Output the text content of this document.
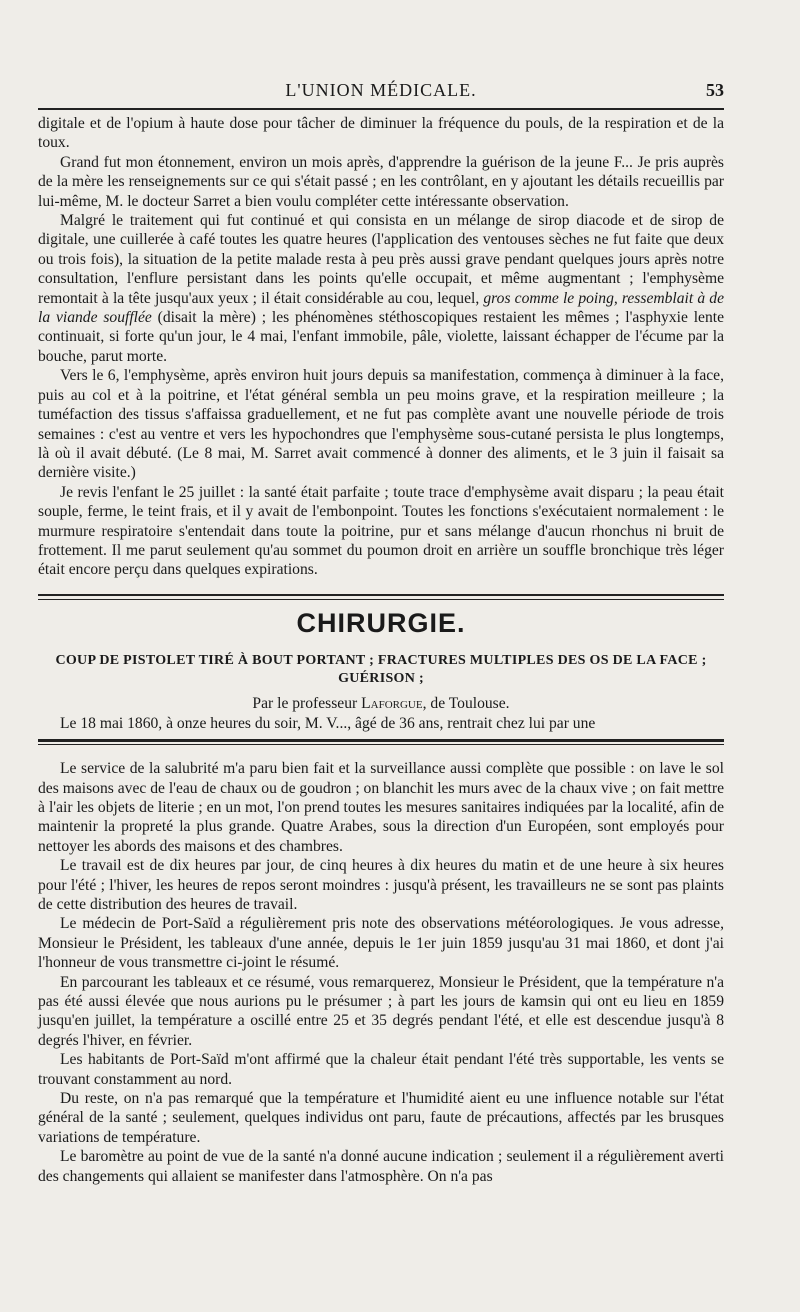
L'UNION MÉDICALE.	53

digitale et de l'opium à haute dose pour tâcher de diminuer la fréquence du pouls, de la respiration et de la toux.

Grand fut mon étonnement, environ un mois après, d'apprendre la guérison de la jeune F... Je pris auprès de la mère les renseignements sur ce qui s'était passé ; en les contrôlant, en y ajoutant les détails recueillis par lui-même, M. le docteur Sarret a bien voulu compléter cette intéressante observation.

Malgré le traitement qui fut continué et qui consista en un mélange de sirop diacode et de sirop de digitale, une cuillerée à café toutes les quatre heures (l'application des ventouses sèches ne fut faite que deux ou trois fois), la situation de la petite malade resta à peu près aussi grave pendant quelques jours après notre consultation, l'enflure persistant dans les points qu'elle occupait, et même augmentant ; l'emphysème remontait à la tête jusqu'aux yeux ; il était considérable au cou, lequel, gros comme le poing, ressemblait à de la viande soufflée (disait la mère) ; les phénomènes stéthoscopiques restaient les mêmes ; l'asphyxie lente continuait, si forte qu'un jour, le 4 mai, l'enfant immobile, pâle, violette, laissant échapper de l'écume par la bouche, parut morte.

Vers le 6, l'emphysème, après environ huit jours depuis sa manifestation, commença à diminuer à la face, puis au col et à la poitrine, et l'état général sembla un peu moins grave, et la respiration meilleure ; la tuméfaction des tissus s'affaissa graduellement, et ne fut pas complète avant une nouvelle période de trois semaines : c'est au ventre et vers les hypochondres que l'emphysème sous-cutané persista le plus longtemps, là où il avait débuté. (Le 8 mai, M. Sarret avait commencé à donner des aliments, et le 3 juin il faisait sa dernière visite.)

Je revis l'enfant le 25 juillet : la santé était parfaite ; toute trace d'emphysème avait disparu ; la peau était souple, ferme, le teint frais, et il y avait de l'embonpoint. Toutes les fonctions s'exécutaient normalement : le murmure respiratoire s'entendait dans toute la poitrine, pur et sans mélange d'aucun rhonchus ni bruit de frottement. Il me parut seulement qu'au sommet du poumon droit en arrière un souffle bronchique très léger était encore perçu dans quelques expirations.

CHIRURGIE.
COUP DE PISTOLET TIRÉ À BOUT PORTANT ; FRACTURES MULTIPLES DES OS DE LA FACE ;
GUÉRISON ;
Par le professeur Laforgue, de Toulouse.

Le 18 mai 1860, à onze heures du soir, M. V..., âgé de 36 ans, rentrait chez lui par une

Le service de la salubrité m'a paru bien fait et la surveillance aussi complète que possible : on lave le sol des maisons avec de l'eau de chaux ou de goudron ; on blanchit les murs avec de la chaux vive ; on fait mettre à l'air les objets de literie ; en un mot, l'on prend toutes les mesures sanitaires indiquées par la localité, afin de maintenir la propreté la plus grande. Quatre Arabes, sous la direction d'un Européen, sont employés pour nettoyer les abords des maisons et des chambres.

Le travail est de dix heures par jour, de cinq heures à dix heures du matin et de une heure à six heures pour l'été ; l'hiver, les heures de repos seront moindres : jusqu'à présent, les travailleurs ne se sont pas plaints de cette distribution des heures de travail.

Le médecin de Port-Saïd a régulièrement pris note des observations météorologiques. Je vous adresse, Monsieur le Président, les tableaux d'une année, depuis le 1er juin 1859 jusqu'au 31 mai 1860, et dont j'ai l'honneur de vous transmettre ci-joint le résumé.

En parcourant les tableaux et ce résumé, vous remarquerez, Monsieur le Président, que la température n'a pas été aussi élevée que nous aurions pu le présumer ; à part les jours de kamsin qui ont eu lieu en 1859 jusqu'en juillet, la température a oscillé entre 25 et 35 degrés pendant l'été, et elle est descendue jusqu'à 8 degrés l'hiver, en février.

Les habitants de Port-Saïd m'ont affirmé que la chaleur était pendant l'été très supportable, les vents se trouvant constamment au nord.

Du reste, on n'a pas remarqué que la température et l'humidité aient eu une influence notable sur l'état général de la santé ; seulement, quelques individus ont paru, faute de précautions, affectés par les brusques variations de température.

Le baromètre au point de vue de la santé n'a donné aucune indication ; seulement il a régulièrement averti des changements qui allaient se manifester dans l'atmosphère. On n'a pas
